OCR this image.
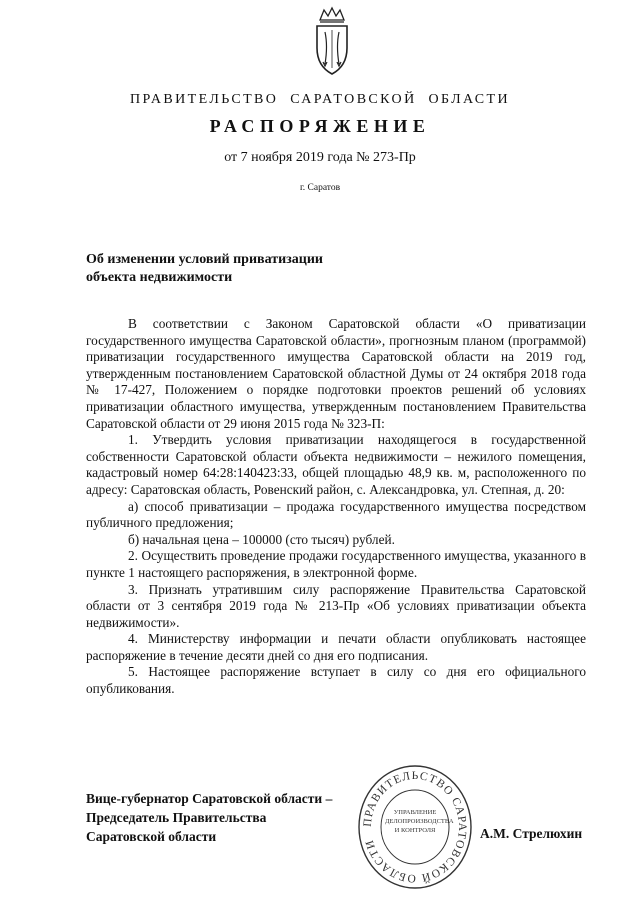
ПРАВИТЕЛЬСТВО САРАТОВСКОЙ ОБЛАСТИ
РАСПОРЯЖЕНИЕ
от 7 ноября 2019 года № 273-Пр
г. Саратов
Об изменении условий приватизации
объекта недвижимости

В соответствии с Законом Саратовской области «О приватизации государственного имущества Саратовской области», прогнозным планом (программой) приватизации государственного имущества Саратовской области на 2019 год, утвержденным постановлением Саратовской областной Думы от 24 октября 2018 года № 17-427, Положением о порядке подготовки проектов решений об условиях приватизации областного имущества, утвержденным постановлением Правительства Саратовской области от 29 июня 2015 года № 323-П:

1. Утвердить условия приватизации находящегося в государственной собственности Саратовской области объекта недвижимости – нежилого помещения, кадастровый номер 64:28:140423:33, общей площадью 48,9 кв. м, расположенного по адресу: Саратовская область, Ровенский район, с. Александровка, ул. Степная, д. 20:

а) способ приватизации – продажа государственного имущества посредством публичного предложения;

б) начальная цена – 100000 (сто тысяч) рублей.

2. Осуществить проведение продажи государственного имущества, указанного в пункте 1 настоящего распоряжения, в электронной форме.

3. Признать утратившим силу распоряжение Правительства Саратовской области от 3 сентября 2019 года № 213-Пр «Об условиях приватизации объекта недвижимости».

4. Министерству информации и печати области опубликовать настоящее распоряжение в течение десяти дней со дня его подписания.

5. Настоящее распоряжение вступает в силу со дня его официального опубликования.

Вице-губернатор Саратовской области –
Председатель Правительства
Саратовской области	А.М. Стрелюхин
ПРАВИТЕЛЬСТВО САРАТОВСКОЙ ОБЛАСТИ
УПРАВЛЕНИЕ ДЕЛОПРОИЗВОДСТВА И КОНТРОЛЯ
